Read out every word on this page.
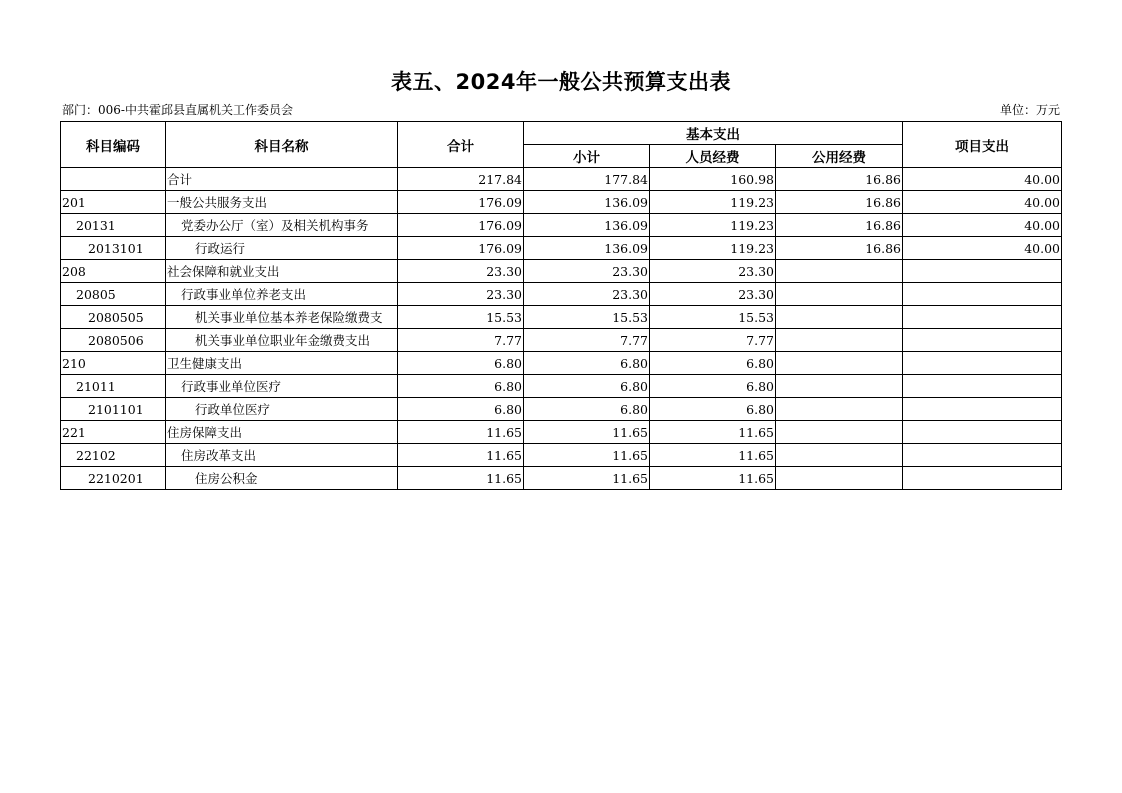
表五、2024年一般公共预算支出表
部门：006-中共霍邱县直属机关工作委员会	单位：万元
科目编码	科目名称	合计	基本支出			项目支出
			小计	人员经费	公用经费	
	合计	217.84	177.84	160.98	16.86	40.00
201	一般公共服务支出	176.09	136.09	119.23	16.86	40.00
20131	党委办公厅（室）及相关机构事务	176.09	136.09	119.23	16.86	40.00
2013101	行政运行	176.09	136.09	119.23	16.86	40.00
208	社会保障和就业支出	23.30	23.30	23.30		
20805	行政事业单位养老支出	23.30	23.30	23.30		
2080505	机关事业单位基本养老保险缴费支	15.53	15.53	15.53		
2080506	机关事业单位职业年金缴费支出	7.77	7.77	7.77		
210	卫生健康支出	6.80	6.80	6.80		
21011	行政事业单位医疗	6.80	6.80	6.80		
2101101	行政单位医疗	6.80	6.80	6.80		
221	住房保障支出	11.65	11.65	11.65		
22102	住房改革支出	11.65	11.65	11.65		
2210201	住房公积金	11.65	11.65	11.65		
